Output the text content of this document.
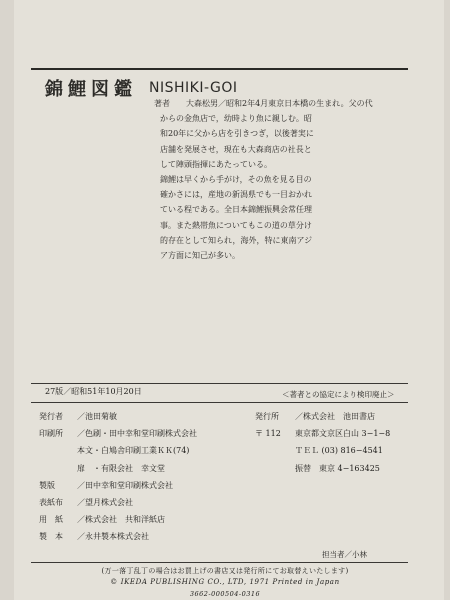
錦鯉図鑑 NISHIKI-GOI
著者	大森松男／昭和2年4月東京日本橋の生まれ。父の代
からの金魚店で，幼時より魚に親しむ。昭
和20年に父から店を引きつぎ，以後著実に
店舗を発展させ，現在も大森商店の社長と
して陣頭指揮にあたっている。
錦鯉は早くから手がけ，その魚を見る目の
確かさには，産地の新潟県でも一目おかれ
ている程である。全日本錦鯉振興会常任理
事。また熱帯魚についてもこの道の草分け
的存在として知られ，海外，特に東南アジ
ア方面に知己が多い。
27版／昭和51年10月20日	＜著者との協定により検印廃止＞
発行者	／池田菊敏
印刷所	／色刷・田中幸和堂印刷株式会社
本文・白鳩舎印刷工業ＫＫ(74)
扉　・有限会社　幸文堂
製版	／田中幸和堂印刷株式会社
表紙布	／望月株式会社
用　紙	／株式会社　共和洋紙店
製　本	／永井製本株式会社
発行所	／株式会社　池田書店
〒 112	東京都文京区白山 3−1−8
ＴＥＬ (03) 816−4541
振替　東京 4−163425
担当者／小林
(万一落丁乱丁の場合はお買上げの書店又は発行所にてお取替えいたします)
© IKEDA PUBLISHING CO., LTD, 1971 Printed in Japan
3662-000504-0316
